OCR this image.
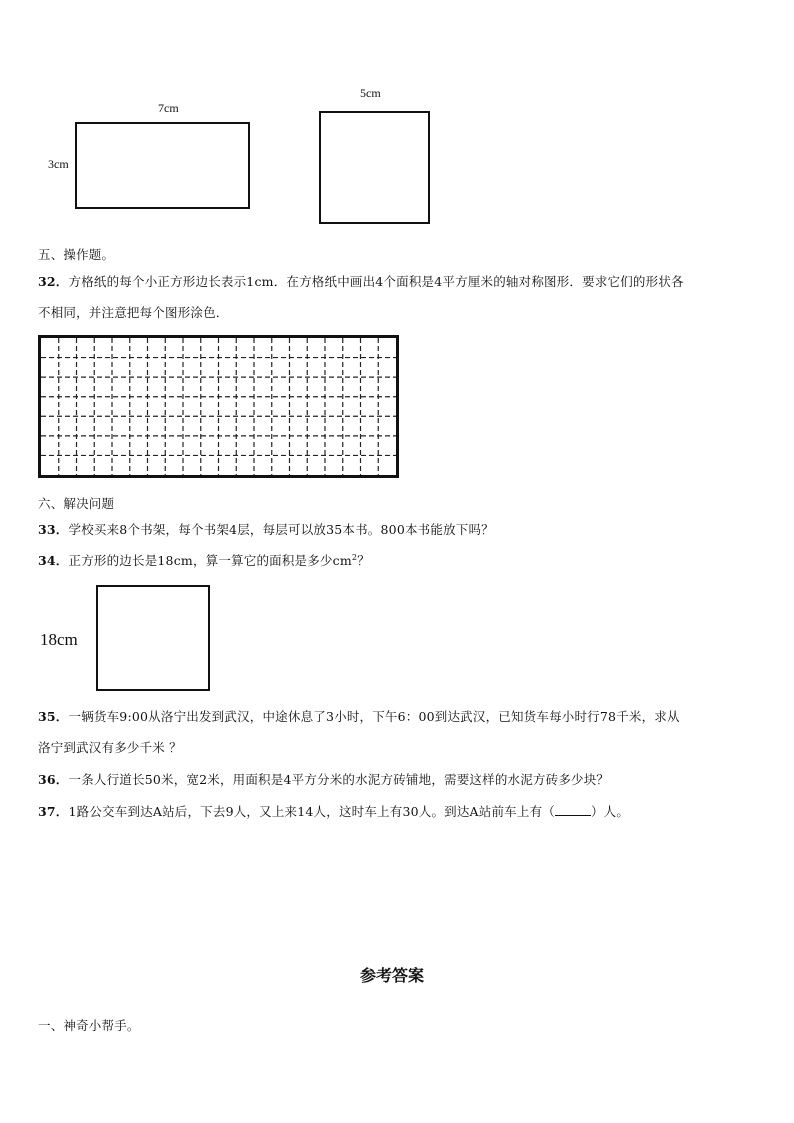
7cm
3cm
5cm
五、操作题。
32．方格纸的每个小正方形边长表示1cm．在方格纸中画出4个面积是4平方厘米的轴对称图形．要求它们的形状各
不相同，并注意把每个图形涂色．
六、解决问题
33．学校买来8个书架，每个书架4层，每层可以放35本书。800本书能放下吗？
34．正方形的边长是18cm，算一算它的面积是多少$cm^2$？
18cm
35．一辆货车9:00从洛宁出发到武汉，中途休息了3小时，下午6：00到达武汉，已知货车每小时行78千米，求从
洛宁到武汉有多少千米 ？
36．一条人行道长50米，宽2米，用面积是4平方分米的水泥方砖铺地，需要这样的水泥方砖多少块？
37．1路公交车到达A站后，下去9人，又上来14人，这时车上有30人。到达A站前车上有（	）人。
参考答案
一、神奇小帮手。
